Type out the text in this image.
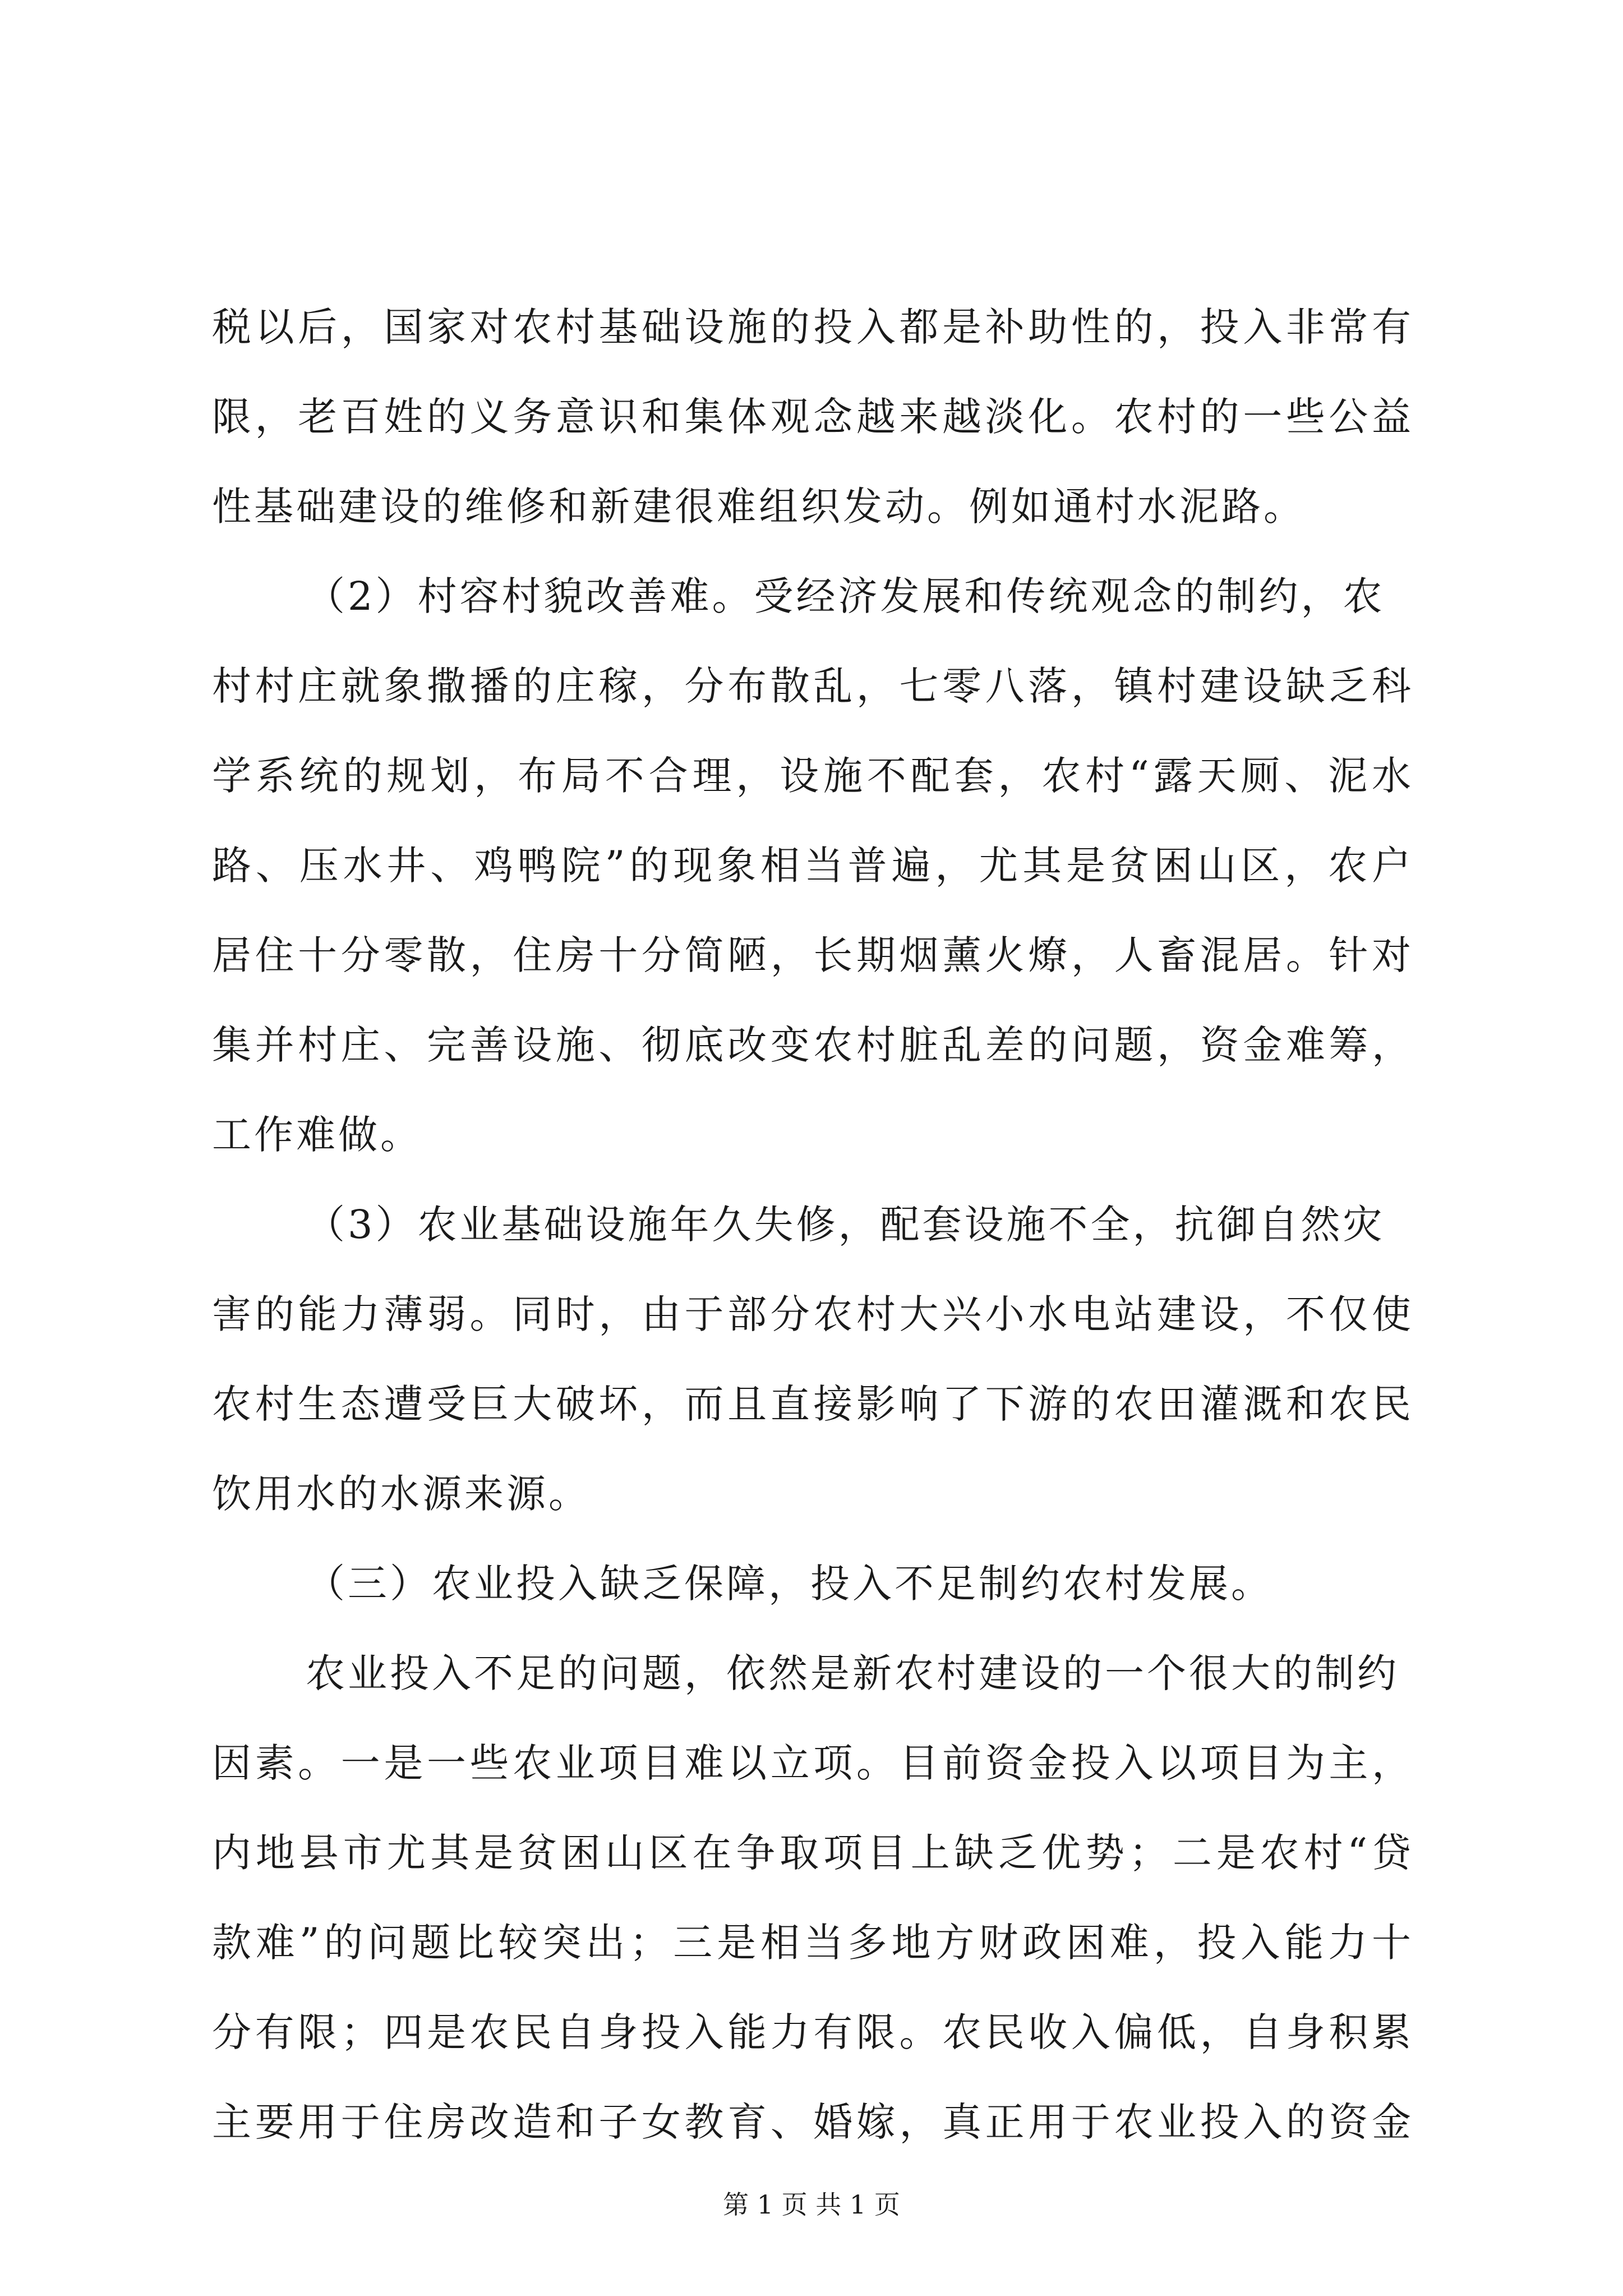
税以后，国家对农村基础设施的投入都是补助性的，投入非常有
限，老百姓的义务意识和集体观念越来越淡化。农村的一些公益
性基础建设的维修和新建很难组织发动。例如通村水泥路。
（2）村容村貌改善难。受经济发展和传统观念的制约，农
村村庄就象撒播的庄稼，分布散乱，七零八落，镇村建设缺乏科
学系统的规划，布局不合理，设施不配套，农村“露天厕、泥水
路、压水井、鸡鸭院”的现象相当普遍，尤其是贫困山区，农户
居住十分零散，住房十分简陋，长期烟薰火燎，人畜混居。针对
集并村庄、完善设施、彻底改变农村脏乱差的问题，资金难筹，
工作难做。
（3）农业基础设施年久失修，配套设施不全，抗御自然灾
害的能力薄弱。同时，由于部分农村大兴小水电站建设，不仅使
农村生态遭受巨大破坏，而且直接影响了下游的农田灌溉和农民
饮用水的水源来源。
（三）农业投入缺乏保障，投入不足制约农村发展。
农业投入不足的问题，依然是新农村建设的一个很大的制约
因素。一是一些农业项目难以立项。目前资金投入以项目为主，
内地县市尤其是贫困山区在争取项目上缺乏优势；二是农村“贷
款难”的问题比较突出；三是相当多地方财政困难，投入能力十
分有限；四是农民自身投入能力有限。农民收入偏低，自身积累
主要用于住房改造和子女教育、婚嫁，真正用于农业投入的资金
第 1 页 共 1 页
